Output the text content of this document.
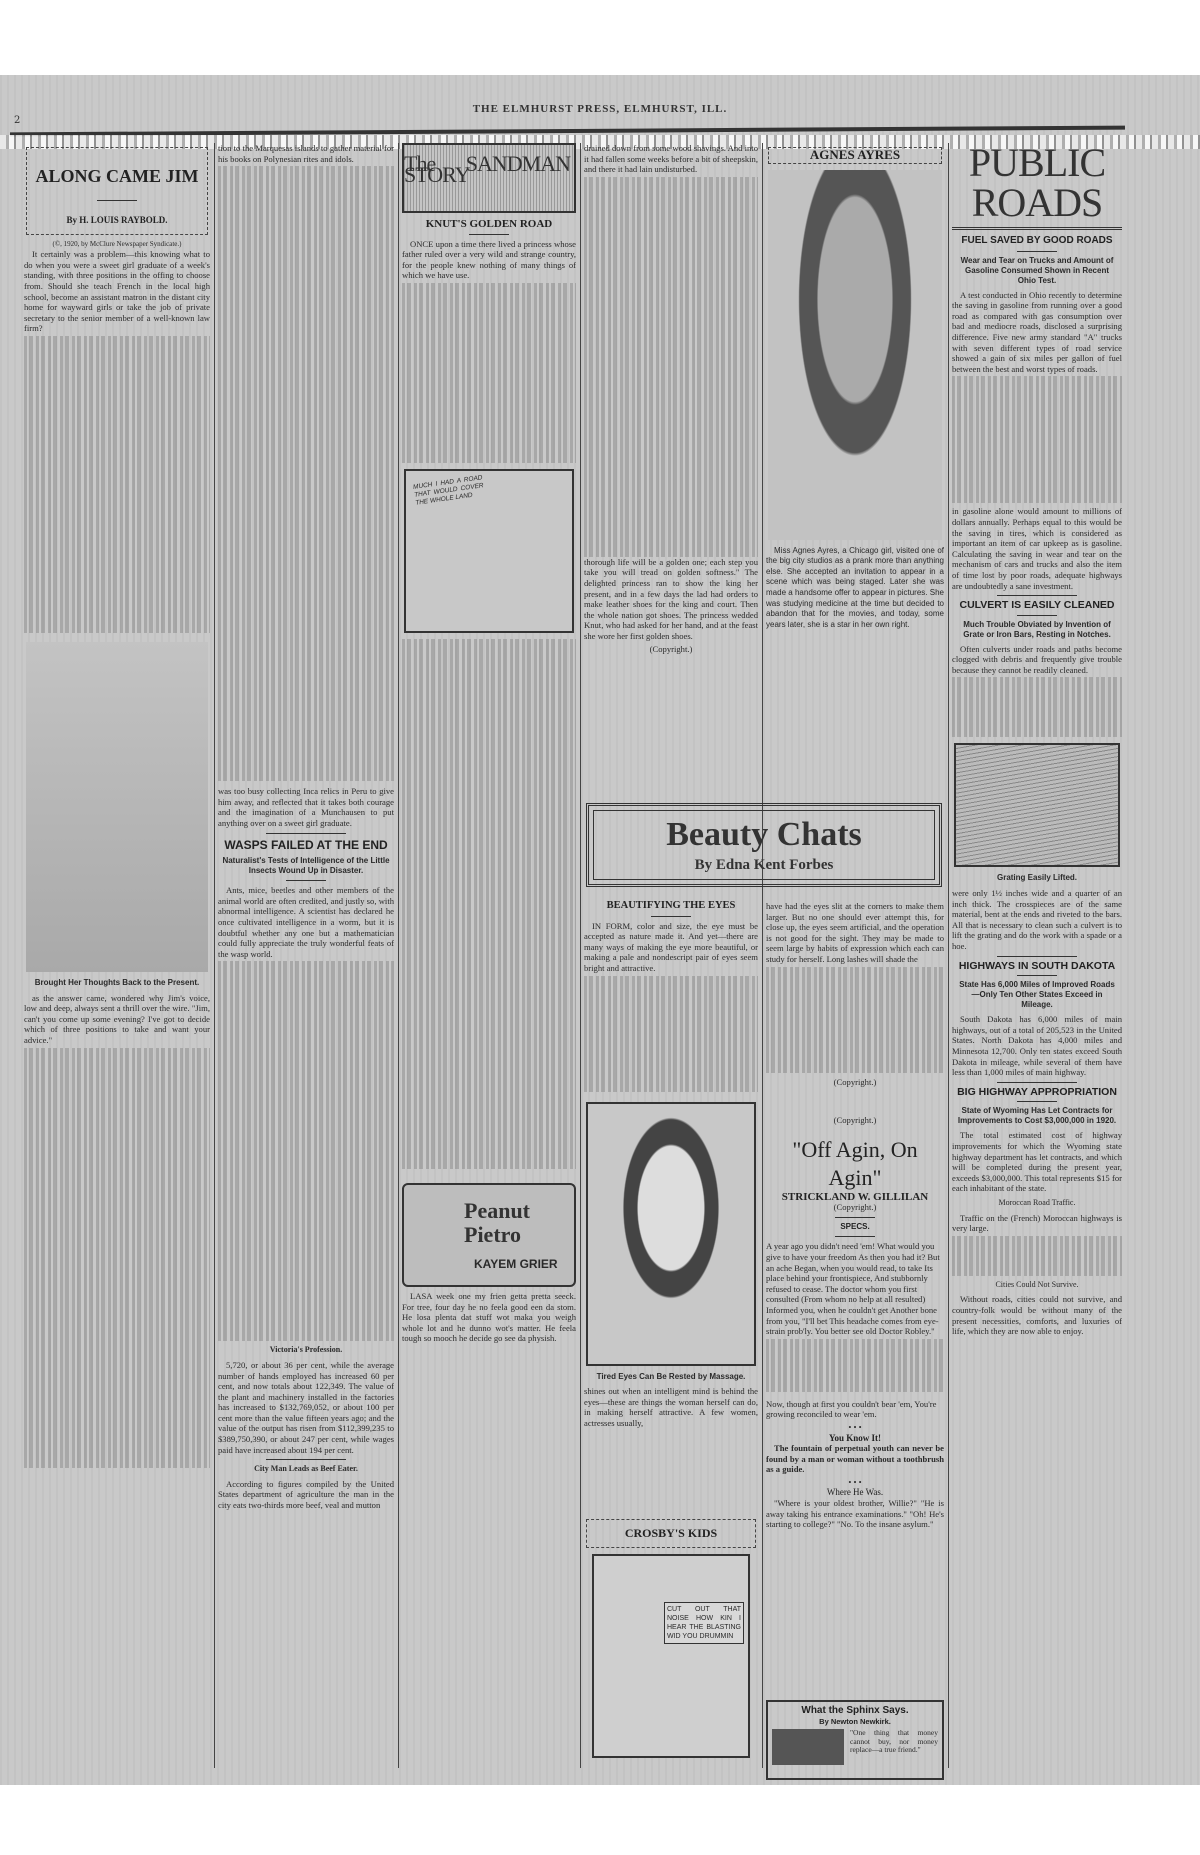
2
THE ELMHURST PRESS, ELMHURST, ILL.
ALONG CAME JIM
By H. LOUIS RAYBOLD.
(©, 1920, by McClure Newspaper Syndicate.)

It certainly was a problem—this knowing what to do when you were a sweet girl graduate of a week's standing, with three positions in the offing to choose from. Should she teach French in the local high school, become an assistant matron in the distant city home for wayward girls or take the job of private secretary to the senior member of a well-known law firm?

Brought Her Thoughts Back to the Present.

as the answer came, wondered why Jim's voice, low and deep, always sent a thrill over the wire. "Jim, can't you come up some evening? I've got to decide which of three positions to take and want your advice."

tion to the Marquesas islands to gather material for his books on Polynesian rites and idols.

was too busy collecting Inca relics in Peru to give him away, and reflected that it takes both courage and the imagination of a Munchausen to put anything over on a sweet girl graduate.

WASPS FAILED AT THE END
Naturalist's Tests of Intelligence of the Little Insects Wound Up in Disaster.

Ants, mice, beetles and other members of the animal world are often credited, and justly so, with abnormal intelligence. A scientist has declared he once cultivated intelligence in a worm, but it is doubtful whether any one but a mathematician could fully appreciate the truly wonderful feats of the wasp world.

Victoria's Profession.

5,720, or about 36 per cent, while the average number of hands employed has increased 60 per cent, and now totals about 122,349. The value of the plant and machinery installed in the factories has increased to $132,769,052, or about 100 per cent more than the value fifteen years ago; and the value of the output has risen from $112,399,235 to $389,750,390, or about 247 per cent, while wages paid have increased about 194 per cent.

City Man Leads as Beef Eater.

According to figures compiled by the United States department of agriculture the man in the city eats two-thirds more beef, veal and mutton

The SANDMAN STORY
KNUT'S GOLDEN ROAD

ONCE upon a time there lived a princess whose father ruled over a very wild and strange country, for the people knew nothing of many things of which we have use.

MUCH I HAD A ROAD THAT WOULD COVER THE WHOLE LAND
Peanut Pietro
KAYEM GRIER

LASA week one my frien getta pretta seeck. For tree, four day he no feela good een da stom. He losa plenta dat stuff wot maka you weigh whole lot and he dunno wot's matter. He feela tough so mooch he decide go see da physish.

drained down from some wood shavings. And into it had fallen some weeks before a bit of sheepskin, and there it had lain undisturbed.

thorough life will be a golden one; each step you take you will tread on golden softness." The delighted princess ran to show the king her present, and in a few days the lad had orders to make leather shoes for the king and court. Then the whole nation got shoes. The princess wedded Knut, who had asked for her hand, and at the feast she wore her first golden shoes.

(Copyright.)
AGNES AYRES

Miss Agnes Ayres, a Chicago girl, visited one of the big city studios as a prank more than anything else. She accepted an invitation to appear in a scene which was being staged. Later she was made a handsome offer to appear in pictures. She was studying medicine at the time but decided to abandon that for the movies, and today, some years later, she is a star in her own right.

Beauty Chats
By Edna Kent Forbes
BEAUTIFYING THE EYES

IN FORM, color and size, the eye must be accepted as nature made it. And yet—there are many ways of making the eye more beautiful, or making a pale and nondescript pair of eyes seem bright and attractive.

Tired Eyes Can Be Rested by Massage.

shines out when an intelligent mind is behind the eyes—these are things the woman herself can do, in making herself attractive. A few women, actresses usually,

have had the eyes slit at the corners to make them larger. But no one should ever attempt this, for close up, the eyes seem artificial, and the operation is not good for the sight. They may be made to seem large by habits of expression which each can study for herself. Long lashes will shade the

(Copyright.)
CROSBY'S KIDS
CUT OUT THAT NOISE HOW KIN I HEAR THE BLASTING WID YOU DRUMMIN
(Copyright.)
"Off Agin, On Agin"
STRICKLAND W. GILLILAN
(Copyright.)
SPECS.

A year ago you didn't need 'em! What would you give to have your freedom As then you had it? But an ache Began, when you would read, to take Its place behind your frontispiece, And stubbornly refused to cease. The doctor whom you first consulted (From whom no help at all resulted) Informed you, when he couldn't get Another bone from you, "I'll bet This headache comes from eye-strain prob'ly. You better see old Doctor Robley."

Now, though at first you couldn't bear 'em, You're growing reconciled to wear 'em.

• • •
You Know It!

The fountain of perpetual youth can never be found by a man or woman without a toothbrush as a guide.

• • •
Where He Was.

"Where is your oldest brother, Willie?" "He is away taking his entrance examinations." "Oh! He's starting to college?" "No. To the insane asylum."

What the Sphinx Says.
By Newton Newkirk.
"One thing that money cannot buy, nor money replace—a true friend."
PUBLIC ROADS
FUEL SAVED BY GOOD ROADS
Wear and Tear on Trucks and Amount of Gasoline Consumed Shown in Recent Ohio Test.

A test conducted in Ohio recently to determine the saving in gasoline from running over a good road as compared with gas consumption over bad and mediocre roads, disclosed a surprising difference. Five new army standard "A" trucks with seven different types of road service showed a gain of six miles per gallon of fuel between the best and worst types of roads.

in gasoline alone would amount to millions of dollars annually. Perhaps equal to this would be the saving in tires, which is considered as important an item of car upkeep as is gasoline. Calculating the saving in wear and tear on the mechanism of cars and trucks and also the item of time lost by poor roads, adequate highways are undoubtedly a sane investment.

CULVERT IS EASILY CLEANED
Much Trouble Obviated by Invention of Grate or Iron Bars, Resting in Notches.

Often culverts under roads and paths become clogged with debris and frequently give trouble because they cannot be readily cleaned.

Grating Easily Lifted.

were only 1½ inches wide and a quarter of an inch thick. The crosspieces are of the same material, bent at the ends and riveted to the bars. All that is necessary to clean such a culvert is to lift the grating and do the work with a spade or a hoe.

HIGHWAYS IN SOUTH DAKOTA
State Has 6,000 Miles of Improved Roads—Only Ten Other States Exceed in Mileage.

South Dakota has 6,000 miles of main highways, out of a total of 205,523 in the United States. North Dakota has 4,000 miles and Minnesota 12,700. Only ten states exceed South Dakota in mileage, while several of them have less than 1,000 miles of main highway.

BIG HIGHWAY APPROPRIATION
State of Wyoming Has Let Contracts for Improvements to Cost $3,000,000 in 1920.

The total estimated cost of highway improvements for which the Wyoming state highway department has let contracts, and which will be completed during the present year, exceeds $3,000,000. This total represents $15 for each inhabitant of the state.

Moroccan Road Traffic.

Traffic on the (French) Moroccan highways is very large.

Cities Could Not Survive.

Without roads, cities could not survive, and country-folk would be without many of the present necessities, comforts, and luxuries of life, which they are now able to enjoy.
